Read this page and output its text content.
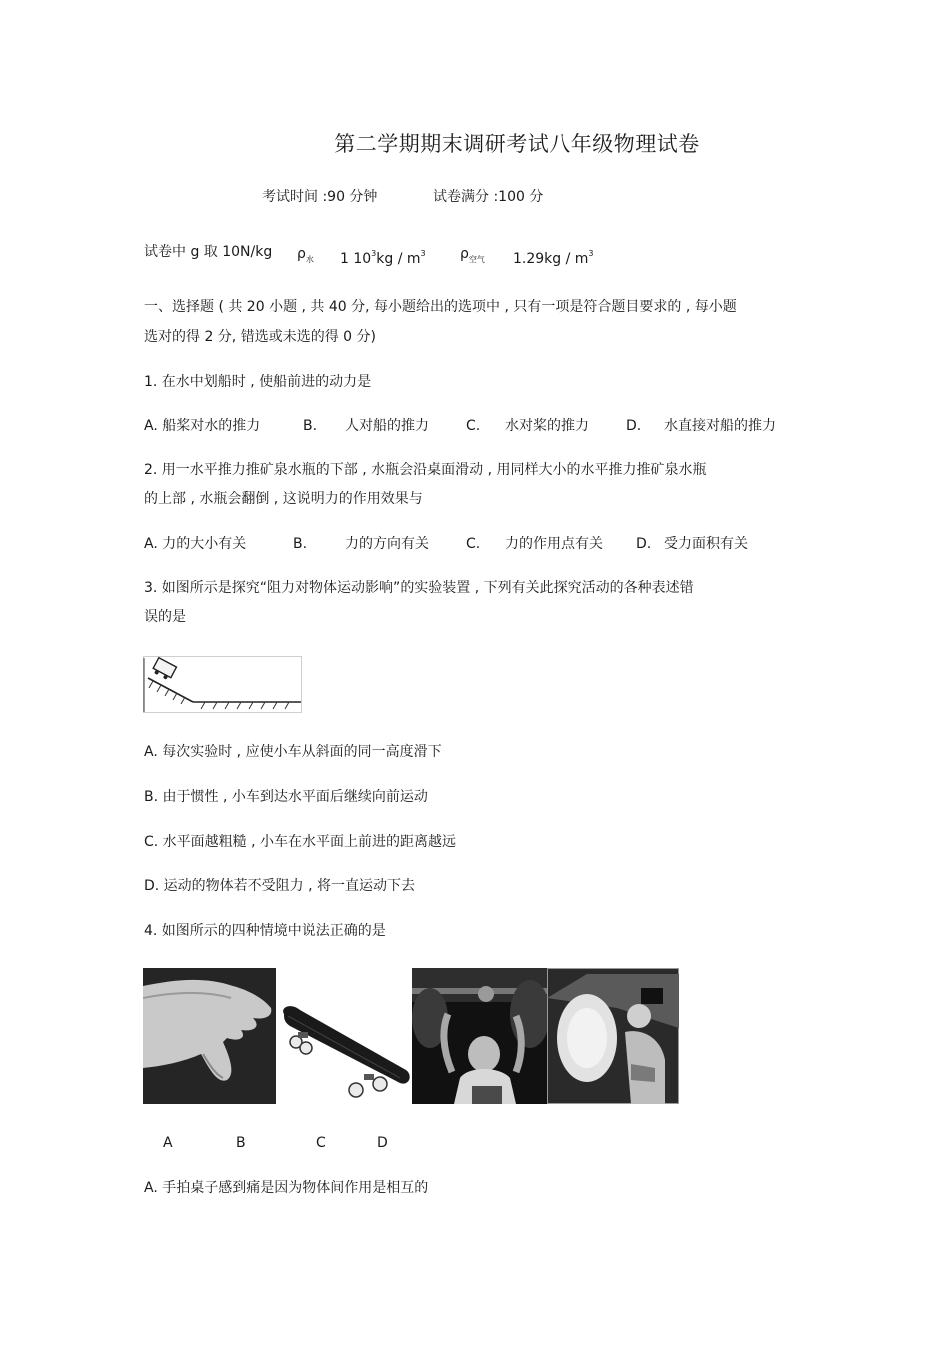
第二学期期末调研考试八年级物理试卷
考试时间 :90 分钟	试卷满分 :100 分
试卷中 g 取 10N/kg $\rho_水$ 1 $10^3kg / m^3$ $\rho_{空气}$ $1.29kg / m^3$
一、选择题 ( 共 20 小题 , 共 40 分, 每小题给出的选项中 , 只有一项是符合题目要求的 , 每小题
选对的得 2 分, 错选或未选的得 0 分)
1. 在水中划船时 , 使船前进的动力是
A. 船桨对水的推力	B. 人对船的推力	C. 水对桨的推力	D. 水直接对船的推力
2. 用一水平推力推矿泉水瓶的下部 , 水瓶会沿桌面滑动 , 用同样大小的水平推力推矿泉水瓶
的上部 , 水瓶会翻倒 , 这说明力的作用效果与
A. 力的大小有关	B.	力的方向有关	C. 力的作用点有关 D. 受力面积有关
3. 如图所示是探究“阻力对物体运动影响”的实验装置 , 下列有关此探究活动的各种表述错
误的是
A. 每次实验时 , 应使小车从斜面的同一高度滑下
B. 由于惯性 , 小车到达水平面后继续向前运动
C. 水平面越粗糙 , 小车在水平面上前进的距离越远
D. 运动的物体若不受阻力 , 将一直运动下去
4. 如图所示的四种情境中说法正确的是
A	B	C	D
A. 手拍桌子感到痛是因为物体间作用是相互的
